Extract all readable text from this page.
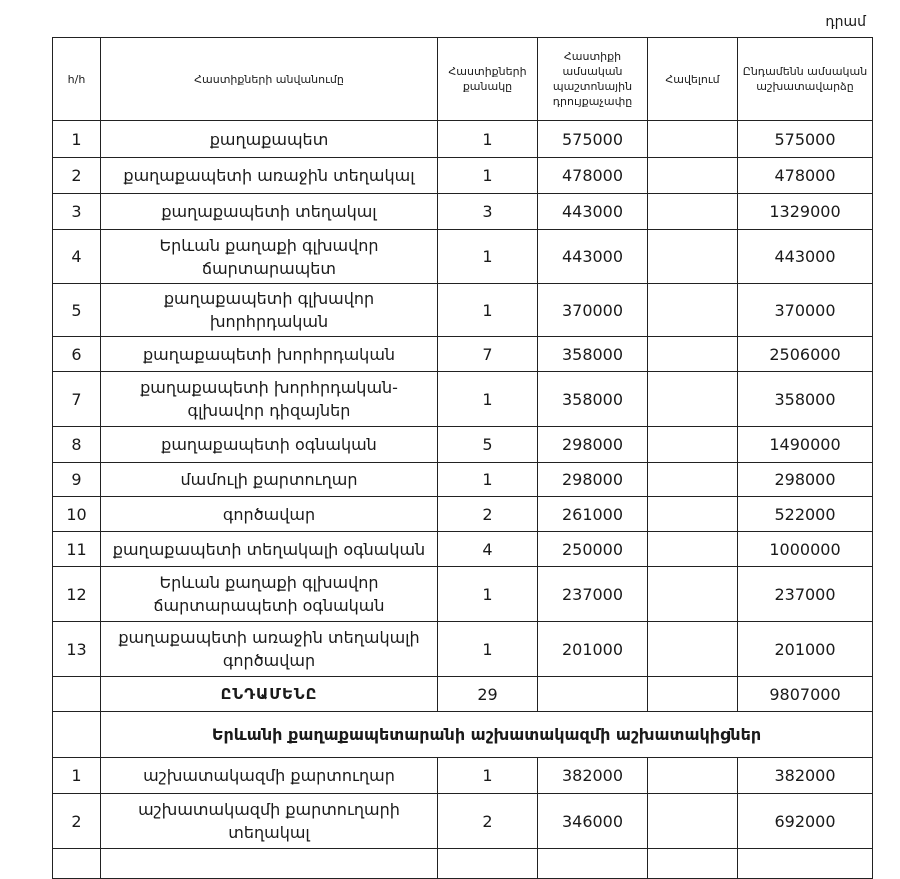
դրամ
հ/հ	Հաստիքների անվանումը	Հաստիքների քանակը	Հաստիքի ամսական պաշտոնային դրույքաչափը	Հավելում	Ընդամենն ամսական աշխատավարձը
1	քաղաքապետ	1	575000		575000
2	քաղաքապետի առաջին տեղակալ	1	478000		478000
3	քաղաքապետի տեղակալ	3	443000		1329000
4	Երևան քաղաքի գլխավոր ճարտարապետ	1	443000		443000
5	քաղաքապետի գլխավոր խորհրդական	1	370000		370000
6	քաղաքապետի խորհրդական	7	358000		2506000
7	քաղաքապետի խորհրդական-գլխավոր դիզայներ	1	358000		358000
8	քաղաքապետի օգնական	5	298000		1490000
9	մամուլի քարտուղար	1	298000		298000
10	գործավար	2	261000		522000
11	քաղաքապետի տեղակալի օգնական	4	250000		1000000
12	Երևան քաղաքի գլխավոր ճարտարապետի օգնական	1	237000		237000
13	քաղաքապետի առաջին տեղակալի գործավար	1	201000		201000
	ԸՆԴԱՄԵՆԸ	29			9807000
	Երևանի քաղաքապետարանի աշխատակազմի աշխատակիցներ				
1	աշխատակազմի քարտուղար	1	382000		382000
2	աշխատակազմի քարտուղարի տեղակալ	2	346000		692000
